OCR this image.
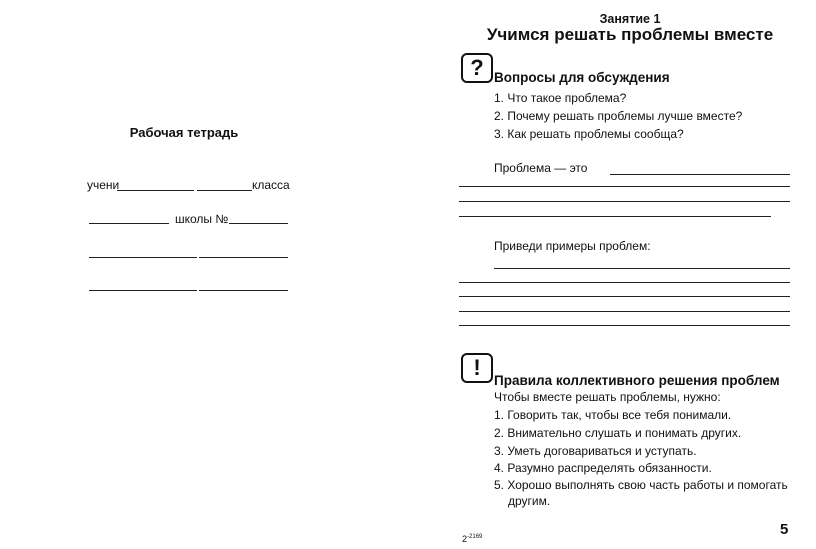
Рабочая тетрадь
учени	класса
школы №
Занятие 1
Учимся решать проблемы вместе
? Вопросы для обсуждения
1. Что такое проблема?
2. Почему решать проблемы лучше вместе?
3. Как решать проблемы сообща?
Проблема — это
Приведи примеры проблем:
!
Правила коллективного решения проблем
Чтобы вместе решать проблемы, нужно:
1. Говорить так, чтобы все тебя понимали.
2. Внимательно слушать и понимать других.
3. Уметь договариваться и уступать.
4. Разумно распределять обязанности.
5. Хорошо выполнять свою часть работы и помогать
другим.
$2^{-2169}$	5
